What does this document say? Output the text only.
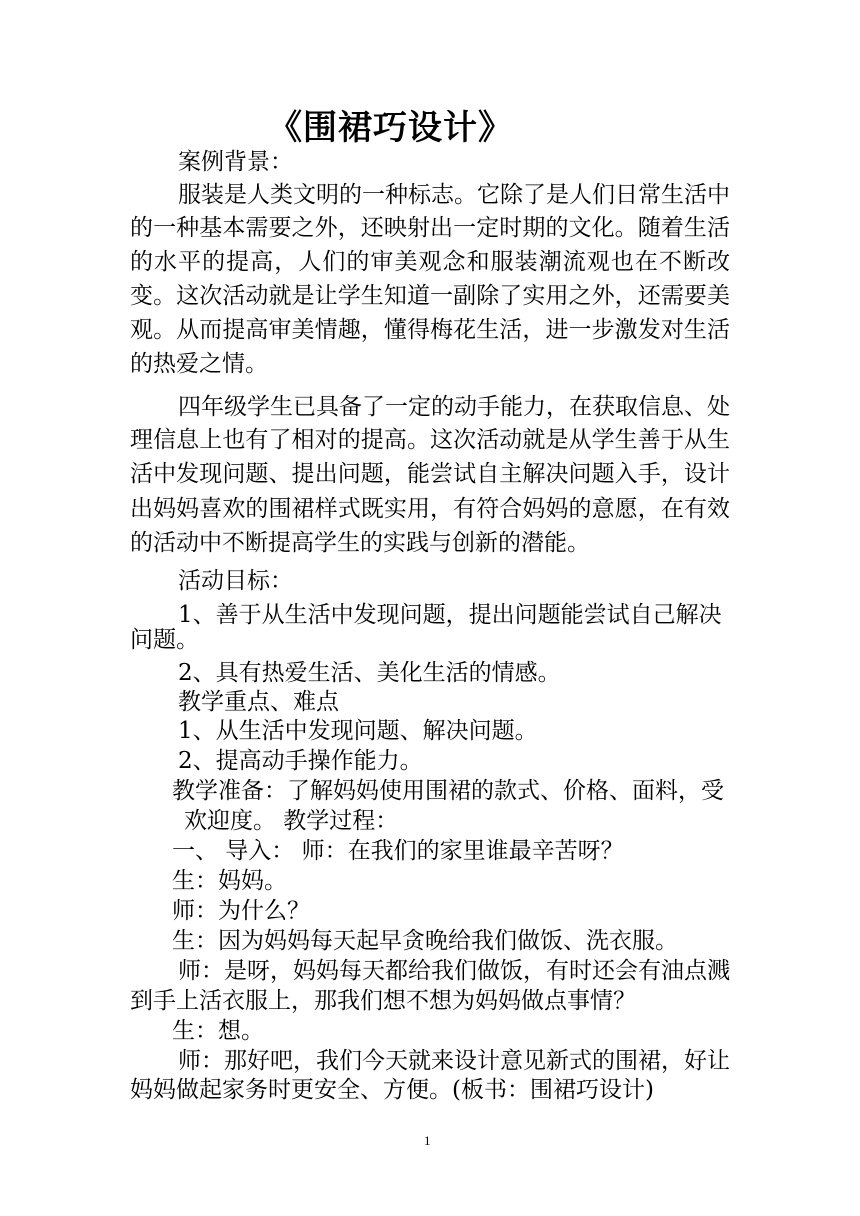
《围裙巧设计》
案例背景：
服装是人类文明的一种标志。它除了是人们日常生活中
的一种基本需要之外，还映射出一定时期的文化。随着生活
的水平的提高，人们的审美观念和服装潮流观也在不断改
变。这次活动就是让学生知道一副除了实用之外，还需要美
观。从而提高审美情趣，懂得梅花生活，进一步激发对生活
的热爱之情。
四年级学生已具备了一定的动手能力，在获取信息、处
理信息上也有了相对的提高。这次活动就是从学生善于从生
活中发现问题、提出问题，能尝试自主解决问题入手，设计
出妈妈喜欢的围裙样式既实用，有符合妈妈的意愿，在有效
的活动中不断提高学生的实践与创新的潜能。
活动目标：
1、善于从生活中发现问题，提出问题能尝试自己解决
问题。
2、具有热爱生活、美化生活的情感。
教学重点、难点
1、从生活中发现问题、解决问题。
2、提高动手操作能力。
教学准备：了解妈妈使用围裙的款式、价格、面料，受
欢迎度。 教学过程：
一、 导入： 师：在我们的家里谁最辛苦呀？
生：妈妈。
师：为什么？
生：因为妈妈每天起早贪晚给我们做饭、洗衣服。
师：是呀，妈妈每天都给我们做饭，有时还会有油点溅
到手上活衣服上，那我们想不想为妈妈做点事情？
生：想。
师：那好吧，我们今天就来设计意见新式的围裙，好让
妈妈做起家务时更安全、方便。(板书：围裙巧设计)
1
